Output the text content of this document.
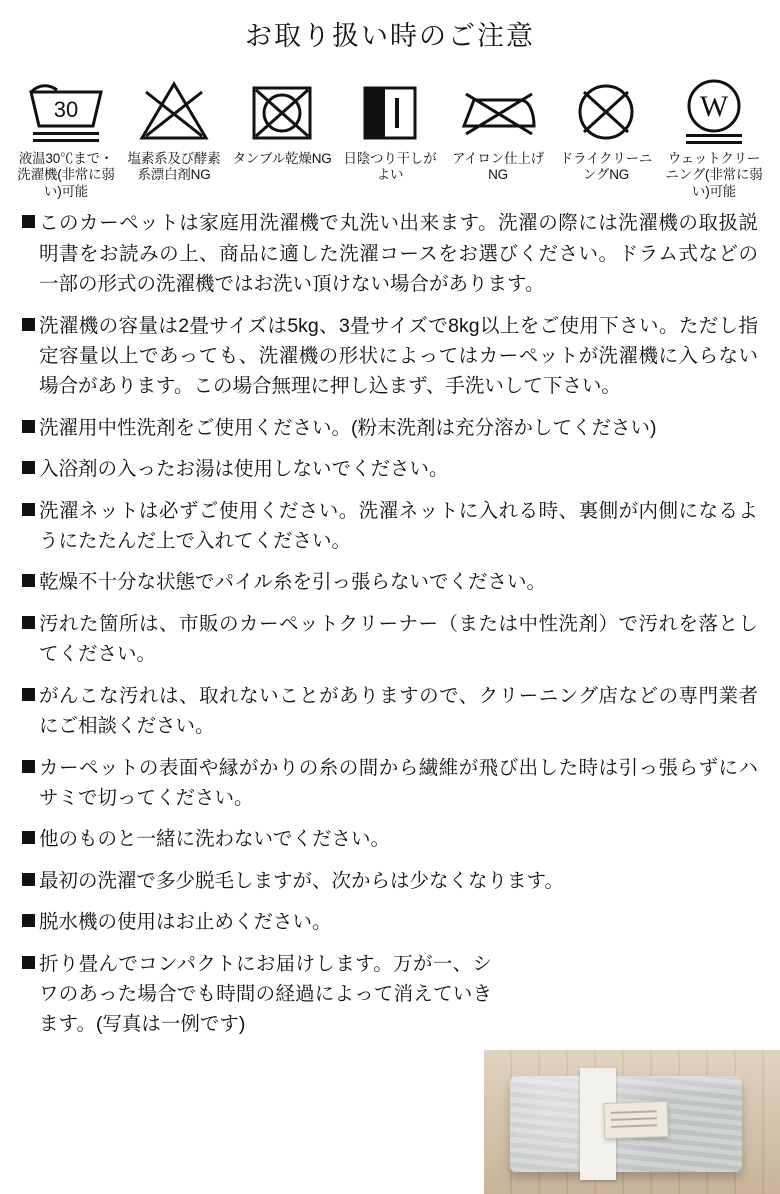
お取り扱い時のご注意
30
液温30℃まで・洗濯機(非常に弱い)可能
塩素系及び酵素系漂白剤NG
タンブル乾燥NG 日陰つり干しがよい
アイロン仕上げNG
ドライクリーニングNG
W
ウェットクリーニング(非常に弱い)可能
このカーペットは家庭用洗濯機で丸洗い出来ます。洗濯の際には洗濯機の取扱説明書をお読みの上、商品に適した洗濯コースをお選びください。ドラム式などの一部の形式の洗濯機ではお洗い頂けない場合があります。
洗濯機の容量は2畳サイズは5kg、3畳サイズで8kg以上をご使用下さい。ただし指定容量以上であっても、洗濯機の形状によってはカーペットが洗濯機に入らない場合があります。この場合無理に押し込まず、手洗いして下さい。
洗濯用中性洗剤をご使用ください。(粉末洗剤は充分溶かしてください)
入浴剤の入ったお湯は使用しないでください。
洗濯ネットは必ずご使用ください。洗濯ネットに入れる時、裏側が内側になるようにたたんだ上で入れてください。
乾燥不十分な状態でパイル糸を引っ張らないでください。
汚れた箇所は、市販のカーペットクリーナー（または中性洗剤）で汚れを落としてください。
がんこな汚れは、取れないことがありますので、クリーニング店などの専門業者にご相談ください。
カーペットの表面や縁がかりの糸の間から繊維が飛び出した時は引っ張らずにハサミで切ってください。
他のものと一緒に洗わないでください。
最初の洗濯で多少脱毛しますが、次からは少なくなります。
脱水機の使用はお止めください。
折り畳んでコンパクトにお届けします。万が一、シワのあった場合でも時間の経過によって消えていきます。(写真は一例です)
